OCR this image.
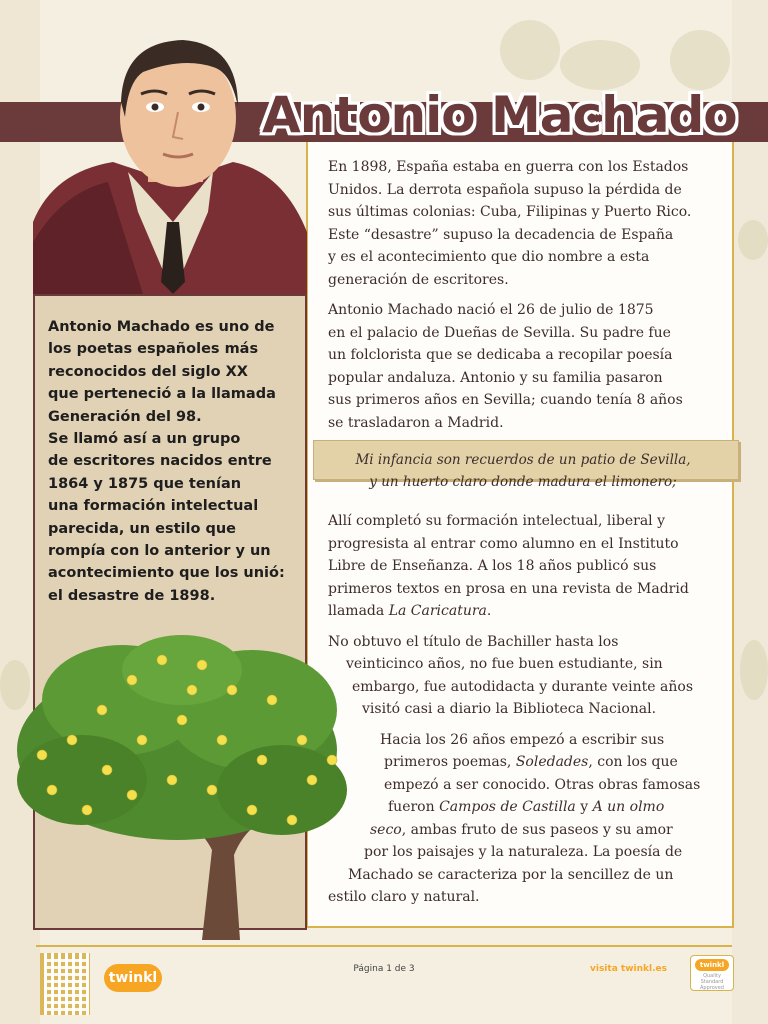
Antonio Machado
Antonio Machado es uno de
los poetas españoles más
reconocidos del siglo XX
que perteneció a la llamada
Generación del 98.
Se llamó así a un grupo
de escritores nacidos entre
1864 y 1875 que tenían
una formación intelectual
parecida, un estilo que
rompía con lo anterior y un
acontecimiento que los unió:
el desastre de 1898.

En 1898, España estaba en guerra con los Estados
Unidos. La derrota española supuso la pérdida de
sus últimas colonias: Cuba, Filipinas y Puerto Rico.
Este “desastre” supuso la decadencia de España
y es el acontecimiento que dio nombre a esta
generación de escritores.

Antonio Machado nació el 26 de julio de 1875
en el palacio de Dueñas de Sevilla. Su padre fue
un folclorista que se dedicaba a recopilar poesía
popular andaluza. Antonio y su familia pasaron
sus primeros años en Sevilla; cuando tenía 8 años
se trasladaron a Madrid.

Allí completó su formación intelectual, liberal y
progresista al entrar como alumno en el Instituto
Libre de Enseñanza. A los 18 años publicó sus
primeros textos en prosa en una revista de Madrid
llamada La Caricatura.

No obtuvo el título de Bachiller hasta los
veinticinco años, no fue buen estudiante, sin
embargo, fue autodidacta y durante veinte años
visitó casi a diario la Biblioteca Nacional.

Hacia los 26 años empezó a escribir sus
primeros poemas, Soledades, con los que
empezó a ser conocido. Otras obras famosas
fueron Campos de Castilla y A un olmo
seco, ambas fruto de sus paseos y su amor
por los paisajes y la naturaleza. La poesía de
Machado se caracteriza por la sencillez de un
estilo claro y natural.

Mi infancia son recuerdos de un patio de Sevilla,
y un huerto claro donde madura el limonero;
twinkl
Página 1 de 3	visita twinkl.es	twinkl
Quality Standard Approved
